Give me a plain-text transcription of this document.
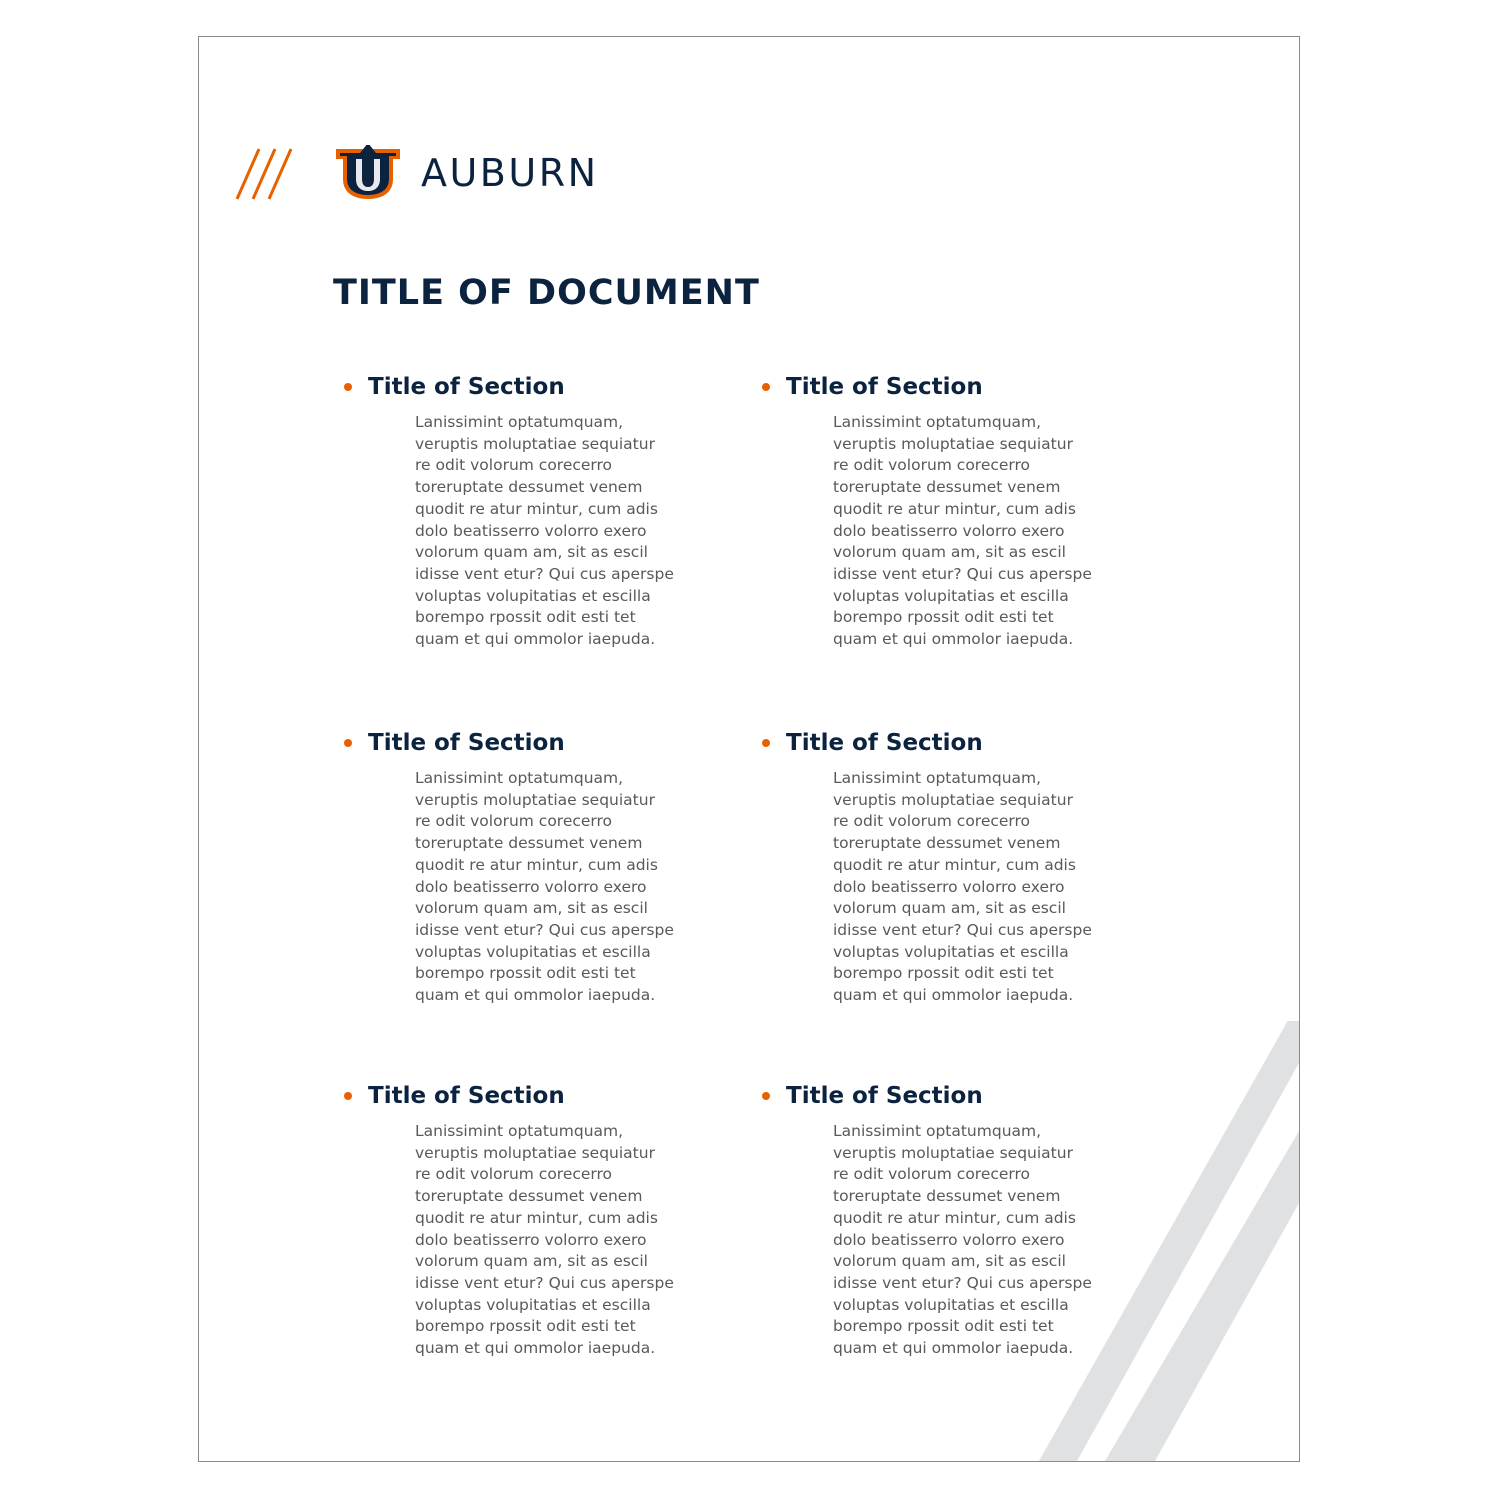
AUBURN
TITLE OF DOCUMENT
Title of Section
Lanissimint optatumquam,
veruptis moluptatiae sequiatur
re odit volorum corecerro
toreruptate dessumet venem
quodit re atur mintur, cum adis
dolo beatisserro volorro exero
volorum quam am, sit as escil
idisse vent etur? Qui cus aperspe
voluptas volupitatias et escilla
borempo rpossit odit esti tet
quam et qui ommolor iaepuda.
Title of Section
Lanissimint optatumquam,
veruptis moluptatiae sequiatur
re odit volorum corecerro
toreruptate dessumet venem
quodit re atur mintur, cum adis
dolo beatisserro volorro exero
volorum quam am, sit as escil
idisse vent etur? Qui cus aperspe
voluptas volupitatias et escilla
borempo rpossit odit esti tet
quam et qui ommolor iaepuda.
Title of Section
Lanissimint optatumquam,
veruptis moluptatiae sequiatur
re odit volorum corecerro
toreruptate dessumet venem
quodit re atur mintur, cum adis
dolo beatisserro volorro exero
volorum quam am, sit as escil
idisse vent etur? Qui cus aperspe
voluptas volupitatias et escilla
borempo rpossit odit esti tet
quam et qui ommolor iaepuda.
Title of Section
Lanissimint optatumquam,
veruptis moluptatiae sequiatur
re odit volorum corecerro
toreruptate dessumet venem
quodit re atur mintur, cum adis
dolo beatisserro volorro exero
volorum quam am, sit as escil
idisse vent etur? Qui cus aperspe
voluptas volupitatias et escilla
borempo rpossit odit esti tet
quam et qui ommolor iaepuda.
Title of Section
Lanissimint optatumquam,
veruptis moluptatiae sequiatur
re odit volorum corecerro
toreruptate dessumet venem
quodit re atur mintur, cum adis
dolo beatisserro volorro exero
volorum quam am, sit as escil
idisse vent etur? Qui cus aperspe
voluptas volupitatias et escilla
borempo rpossit odit esti tet
quam et qui ommolor iaepuda.
Title of Section
Lanissimint optatumquam,
veruptis moluptatiae sequiatur
re odit volorum corecerro
toreruptate dessumet venem
quodit re atur mintur, cum adis
dolo beatisserro volorro exero
volorum quam am, sit as escil
idisse vent etur? Qui cus aperspe
voluptas volupitatias et escilla
borempo rpossit odit esti tet
quam et qui ommolor iaepuda.
